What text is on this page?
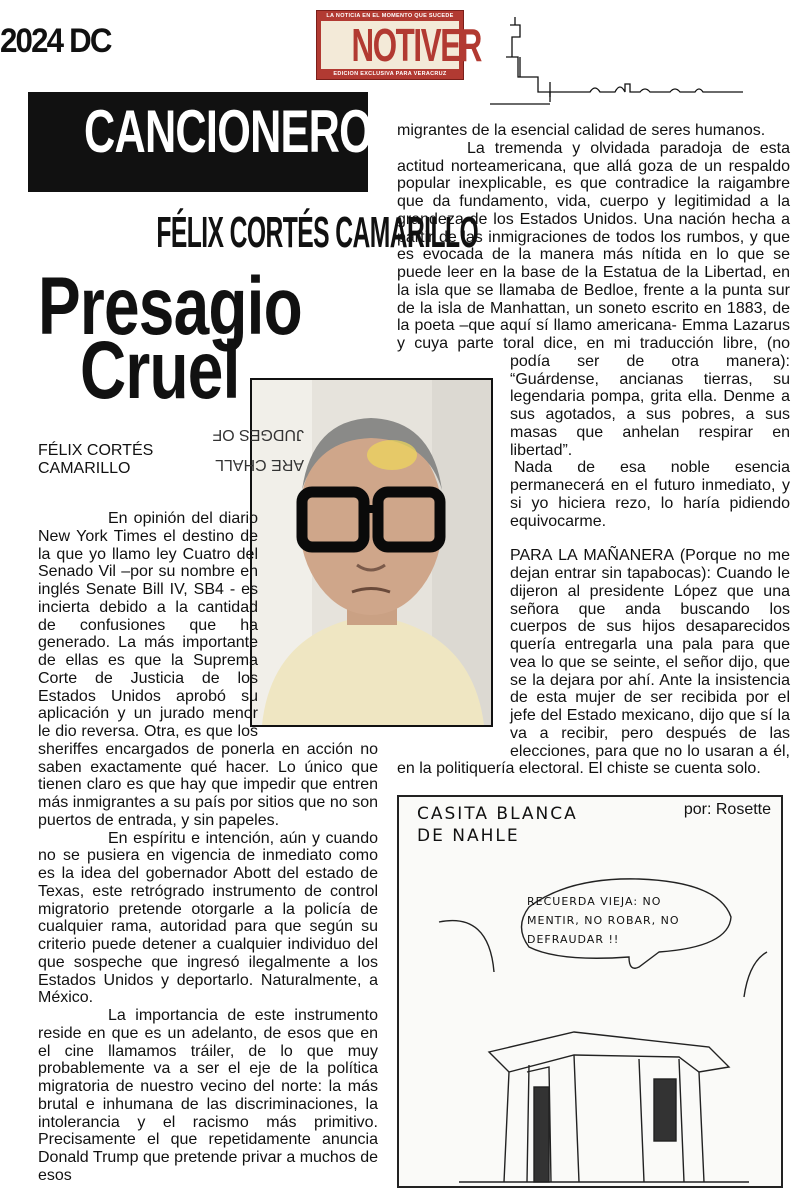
2024 DC
LA NOTICIA EN EL MOMENTO QUE SUCEDE
NOTIVER
EDICION EXCLUSIVA PARA VERACRUZ
CANCIONERO
FÉLIX CORTÉS CAMARILLO
Presagio
Cruel
JUDGES OF
ARE CHALL

FÉLIX CORTÉS
CAMARILLO

En opinión del diario New York Times el destino de la que yo llamo ley Cuatro del Senado Vil –por su nombre en inglés Senate Bill IV, SB4 - es incierta debido a la cantidad de confusiones que ha generado. La más importante de ellas es que la Suprema Corte de Justicia de los Estados Unidos aprobó su aplicación y un jurado menor le dio reversa. Otra, es que los sheriffes encargados de ponerla en acción no saben exactamente qué hacer. Lo único que tienen claro es que hay que impedir que entren más inmigrantes a su país por sitios que no son puertos de entrada, y sin papeles.

En espíritu e intención, aún y cuando no se pusiera en vigencia de inmediato como es la idea del gobernador Abott del estado de Texas, este retrógrado instrumento de control migratorio pretende otorgarle a la policía de cualquier rama, autoridad para que según su criterio puede detener a cualquier individuo del que sospeche que ingresó ilegalmente a los Estados Unidos y deportarlo. Naturalmente, a México.

La importancia de este instrumento reside en que es un adelanto, de esos que en el cine llamamos tráiler, de lo que muy probablemente va a ser el eje de la política migratoria de nuestro vecino del norte: la más brutal e inhumana de las discriminaciones, la intolerancia y el racismo más primitivo. Precisamente el que repetidamente anuncia Donald Trump que pretende privar a muchos de esos

migrantes de la esencial calidad de seres humanos.

La tremenda y olvidada paradoja de esta actitud norteamericana, que allá goza de un respaldo popular inexplicable, es que contradice la raigambre que da fundamento, vida, cuerpo y legitimidad a la grandeza de los Estados Unidos. Una nación hecha a partir de las inmigraciones de todos los rumbos, y que es evocada de la manera más nítida en lo que se puede leer en la base de la Estatua de la Libertad, en la isla que se llamaba de Bedloe, frente a la punta sur de la isla de Manhattan, un soneto escrito en 1883, de la poeta –que aquí sí llamo americana- Emma Lazarus y cuya parte toral dice, en mi traducción libre, (no podía ser de otra manera): “Guárdense, ancianas tierras, su legendaria pompa, grita ella. Denme a sus agotados, a sus pobres, a sus masas que anhelan respirar en libertad”.

Nada de esa noble esencia permanecerá en el futuro inmediato, y si yo hiciera rezo, lo haría pidiendo equivocarme.

PARA LA MAÑANERA (Porque no me dejan entrar sin tapabocas): Cuando le dijeron al presidente López que una señora que anda buscando los cuerpos de sus hijos desaparecidos quería entregarla una pala para que vea lo que se seinte, el señor dijo, que se la dejara por ahí. Ante la insistencia de esta mujer de ser recibida por el jefe del Estado mexicano, dijo que sí la va a recibir, pero después de las elecciones, para que no lo usaran a él, en la politiquería electoral. El chiste se cuenta solo.

CASITA BLANCA
DE NAHLE
por: Rosette
RECUERDA VIEJA: NO
MENTIR, NO ROBAR, NO
DEFRAUDAR !!
